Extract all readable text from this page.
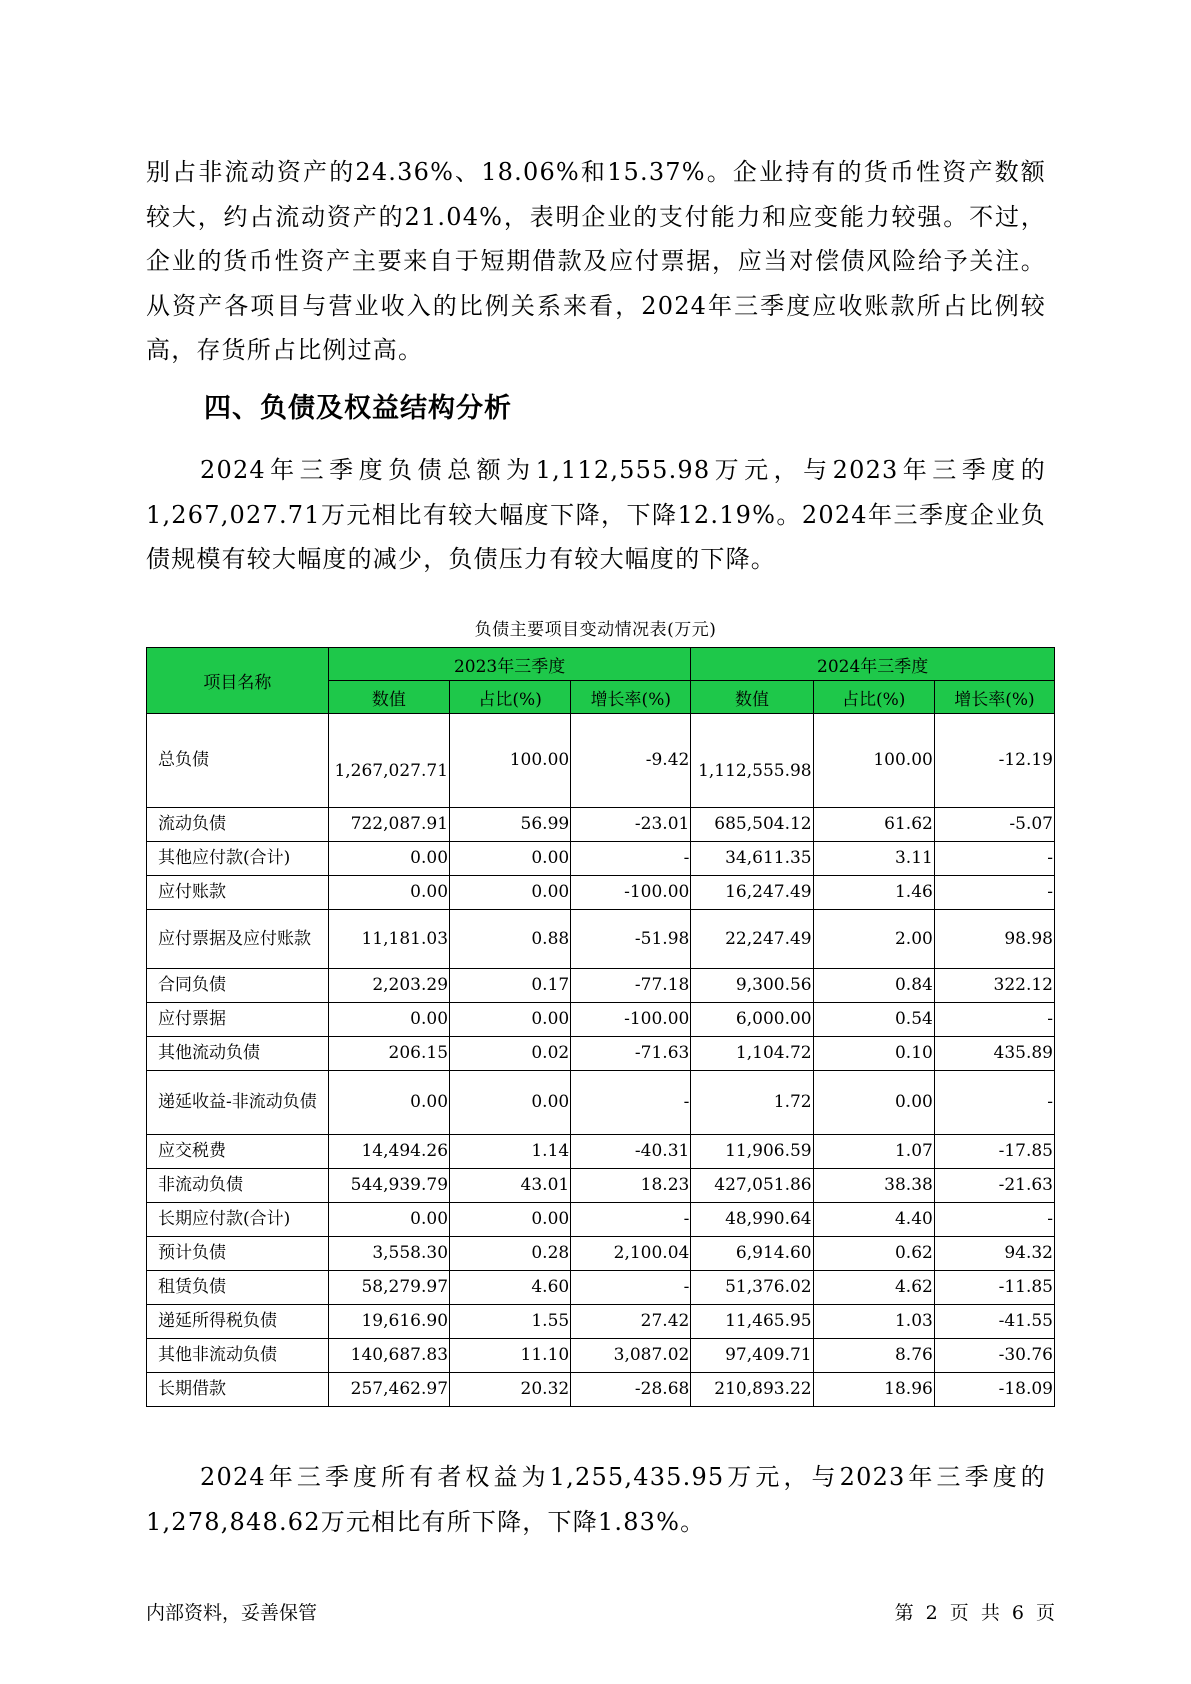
别占非流动资产的24.36%、18.06%和15.37%。企业持有的货币性资产数额较大，约占流动资产的21.04%，表明企业的支付能力和应变能力较强。不过，企业的货币性资产主要来自于短期借款及应付票据，应当对偿债风险给予关注。从资产各项目与营业收入的比例关系来看，2024年三季度应收账款所占比例较高，存货所占比例过高。

四、负债及权益结构分析

2024年三季度负债总额为1,112,555.98万元，与2023年三季度的1,267,027.71万元相比有较大幅度下降，下降12.19%。2024年三季度企业负债规模有较大幅度的减少，负债压力有较大幅度的下降。

负债主要项目变动情况表(万元)
项目名称	2023年三季度			2024年三季度		
	数值	占比(%)	增长率(%)	数值	占比(%)	增长率(%)
总负债	1,267,027.71	100.00	-9.42	1,112,555.98	100.00	-12.19
流动负债	722,087.91	56.99	-23.01	685,504.12	61.62	-5.07
其他应付款(合计)	0.00	0.00	-	34,611.35	3.11	-
应付账款	0.00	0.00	-100.00	16,247.49	1.46	-
应付票据及应付账款	11,181.03	0.88	-51.98	22,247.49	2.00	98.98
合同负债	2,203.29	0.17	-77.18	9,300.56	0.84	322.12
应付票据	0.00	0.00	-100.00	6,000.00	0.54	-
其他流动负债	206.15	0.02	-71.63	1,104.72	0.10	435.89
递延收益-非流动负债	0.00	0.00	-	1.72	0.00	-
应交税费	14,494.26	1.14	-40.31	11,906.59	1.07	-17.85
非流动负债	544,939.79	43.01	18.23	427,051.86	38.38	-21.63
长期应付款(合计)	0.00	0.00	-	48,990.64	4.40	-
预计负债	3,558.30	0.28	2,100.04	6,914.60	0.62	94.32
租赁负债	58,279.97	4.60	-	51,376.02	4.62	-11.85
递延所得税负债	19,616.90	1.55	27.42	11,465.95	1.03	-41.55
其他非流动负债	140,687.83	11.10	3,087.02	97,409.71	8.76	-30.76
长期借款	257,462.97	20.32	-28.68	210,893.22	18.96	-18.09

2024年三季度所有者权益为1,255,435.95万元，与2023年三季度的1,278,848.62万元相比有所下降，下降1.83%。

内部资料，妥善保管	第 2 页 共 6 页
